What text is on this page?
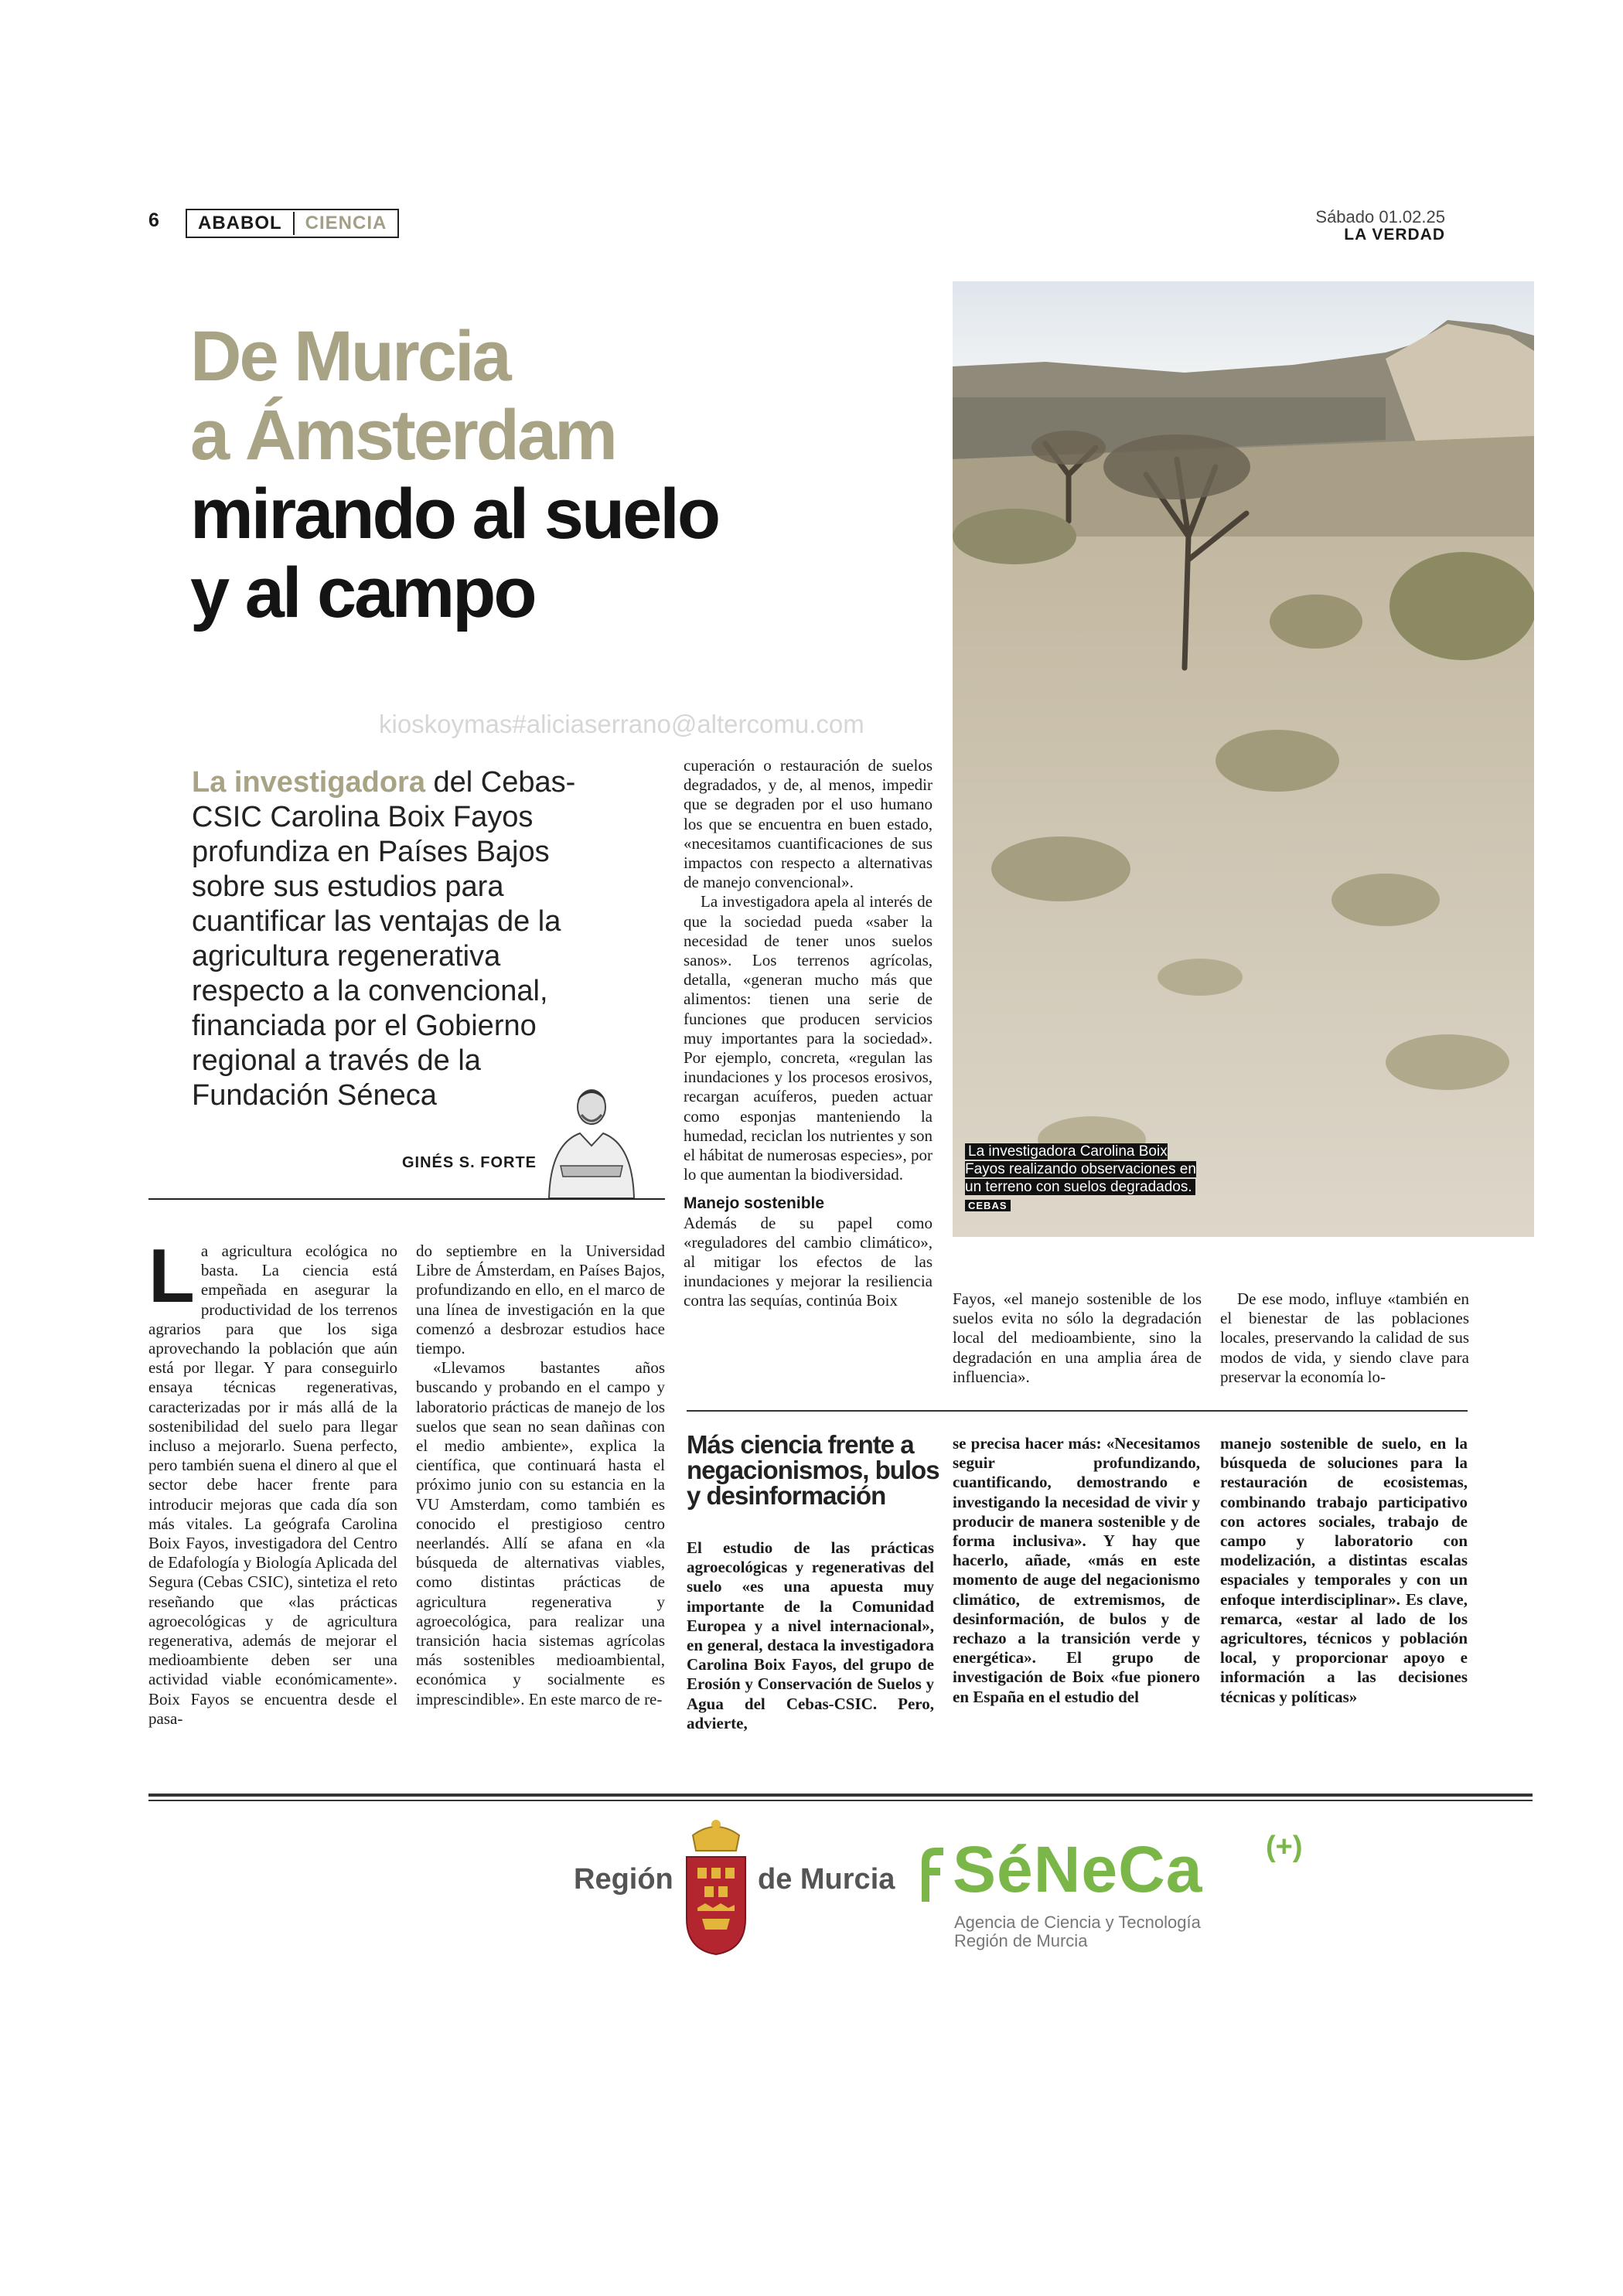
6	ABABOL	CIENCIA	Sábado 01.02.25
LA VERDAD
De Murcia
a Ámsterdam
mirando al suelo
y al campo
kioskoymas#aliciaserrano@altercomu.com
La investigadora del Cebas-CSIC Carolina Boix Fayos profundiza en Países Bajos sobre sus estudios para cuantificar las ventajas de la agricultura regenerativa respecto a la convencional, financiada por el Gobierno regional a través de la Fundación Séneca
GINÉS S. FORTE

La agricultura ecológica no basta. La ciencia está empeñada en asegurar la productividad de los terrenos agrarios para que los siga aprovechando la población que aún está por llegar. Y para conseguirlo ensaya técnicas regenerativas, caracterizadas por ir más allá de la sostenibilidad del suelo para llegar incluso a mejorarlo. Suena perfecto, pero también suena el dinero al que el sector debe hacer frente para introducir mejoras que cada día son más vitales. La geógrafa Carolina Boix Fayos, investigadora del Centro de Edafología y Biología Aplicada del Segura (Cebas CSIC), sintetiza el reto reseñando que «las prácticas agroecológicas y de agricultura regenerativa, además de mejorar el medioambiente deben ser una actividad viable económicamente». Boix Fayos se encuentra desde el pasa-

do septiembre en la Universidad Libre de Ámsterdam, en Países Bajos, profundizando en ello, en el marco de una línea de investigación en la que comenzó a desbrozar estudios hace tiempo.

«Llevamos bastantes años buscando y probando en el campo y laboratorio prácticas de manejo de los suelos que sean no sean dañinas con el medio ambiente», explica la científica, que continuará hasta el próximo junio con su estancia en la VU Amsterdam, como también es conocido el prestigioso centro neerlandés. Allí se afana en «la búsqueda de alternativas viables, como distintas prácticas de agricultura regenerativa y agroecológica, para realizar una transición hacia sistemas agrícolas más sostenibles medioambiental, económica y socialmente es imprescindible». En este marco de re-

cuperación o restauración de suelos degradados, y de, al menos, impedir que se degraden por el uso humano los que se encuentra en buen estado, «necesitamos cuantificaciones de sus impactos con respecto a alternativas de manejo convencional».

La investigadora apela al interés de que la sociedad pueda «saber la necesidad de tener unos suelos sanos». Los terrenos agrícolas, detalla, «generan mucho más que alimentos: tienen una serie de funciones que producen servicios muy importantes para la sociedad». Por ejemplo, concreta, «regulan las inundaciones y los procesos erosivos, recargan acuíferos, pueden actuar como esponjas manteniendo la humedad, reciclan los nutrientes y son el hábitat de numerosas especies», por lo que aumentan la biodiversidad.

Manejo sostenible

Además de su papel como «reguladores del cambio climático», al mitigar los efectos de las inundaciones y mejorar la resiliencia contra las sequías, continúa Boix	Fayos, «el manejo sostenible de los suelos evita no sólo la degradación local del medioambiente, sino la degradación en una amplia área de influencia».

De ese modo, influye «también en el bienestar de las poblaciones locales, preservando la calidad de sus modos de vida, y siendo clave para preservar la economía lo-

La investigadora Carolina Boix Fayos realizando observaciones en un terreno con suelos degradados. CEBAS
Más ciencia frente a negacionismos, bulos y desinformación

El estudio de las prácticas agroecológicas y regenerativas del suelo «es una apuesta muy importante de la Comunidad Europea y a nivel internacional», en general, destaca la investigadora Carolina Boix Fayos, del grupo de Erosión y Conservación de Suelos y Agua del Cebas-CSIC. Pero, advierte,

se precisa hacer más: «Necesitamos seguir profundizando, cuantificando, demostrando e investigando la necesidad de vivir y producir de manera sostenible y de forma inclusiva». Y hay que hacerlo, añade, «más en este momento de auge del negacionismo climático, de extremismos, de desinformación, de bulos y de rechazo a la transición verde y energética». El grupo de investigación de Boix «fue pionero en España en el estudio del

manejo sostenible de suelo, en la búsqueda de soluciones para la restauración de ecosistemas, combinando trabajo participativo con actores sociales, trabajo de campo y laboratorio con modelización, a distintas escalas espaciales y temporales y con un enfoque interdisciplinar». Es clave, remarca, «estar al lado de los agricultores, técnicos y población local, y proporcionar apoyo e información a las decisiones técnicas y políticas»

Región	de Murcia SéNeCa (+)
Agencia de Ciencia y Tecnología
Región de Murcia
